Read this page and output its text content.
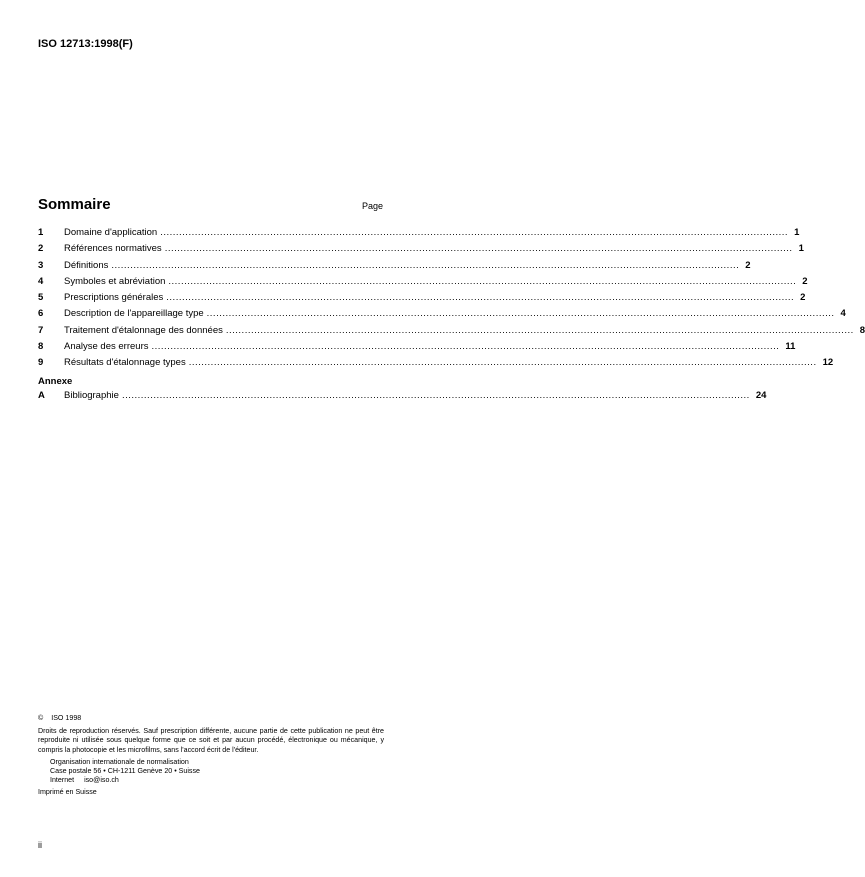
ISO 12713:1998(F)
Sommaire	Page
1	Domaine d'application ........................................................................................................................................................................................................ 1
2	Références normatives ........................................................................................................................................................................................................ 1
3	Définitions ........................................................................................................................................................................................................ 2
4	Symboles et abréviation ........................................................................................................................................................................................................ 2
5	Prescriptions générales ........................................................................................................................................................................................................ 2
6	Description de l'appareillage type ........................................................................................................................................................................................................ 4
7	Traitement d'étalonnage des données ........................................................................................................................................................................................................ 8
8	Analyse des erreurs ........................................................................................................................................................................................................ 11
9	Résultats d'étalonnage types ........................................................................................................................................................................................................ 12
Annexe
A	Bibliographie ........................................................................................................................................................................................................ 24
© ISO 1998
Droits de reproduction réservés. Sauf prescription différente, aucune partie de cette publication ne peut être reproduite ni utilisée sous quelque forme que ce soit et par aucun procédé, électronique ou mécanique, y compris la photocopie et les microfilms, sans l'accord écrit de l'éditeur.
Organisation internationale de normalisation
Case postale 56 • CH-1211 Genève 20 • Suisse
Internet iso@iso.ch
Imprimé en Suisse
ii
